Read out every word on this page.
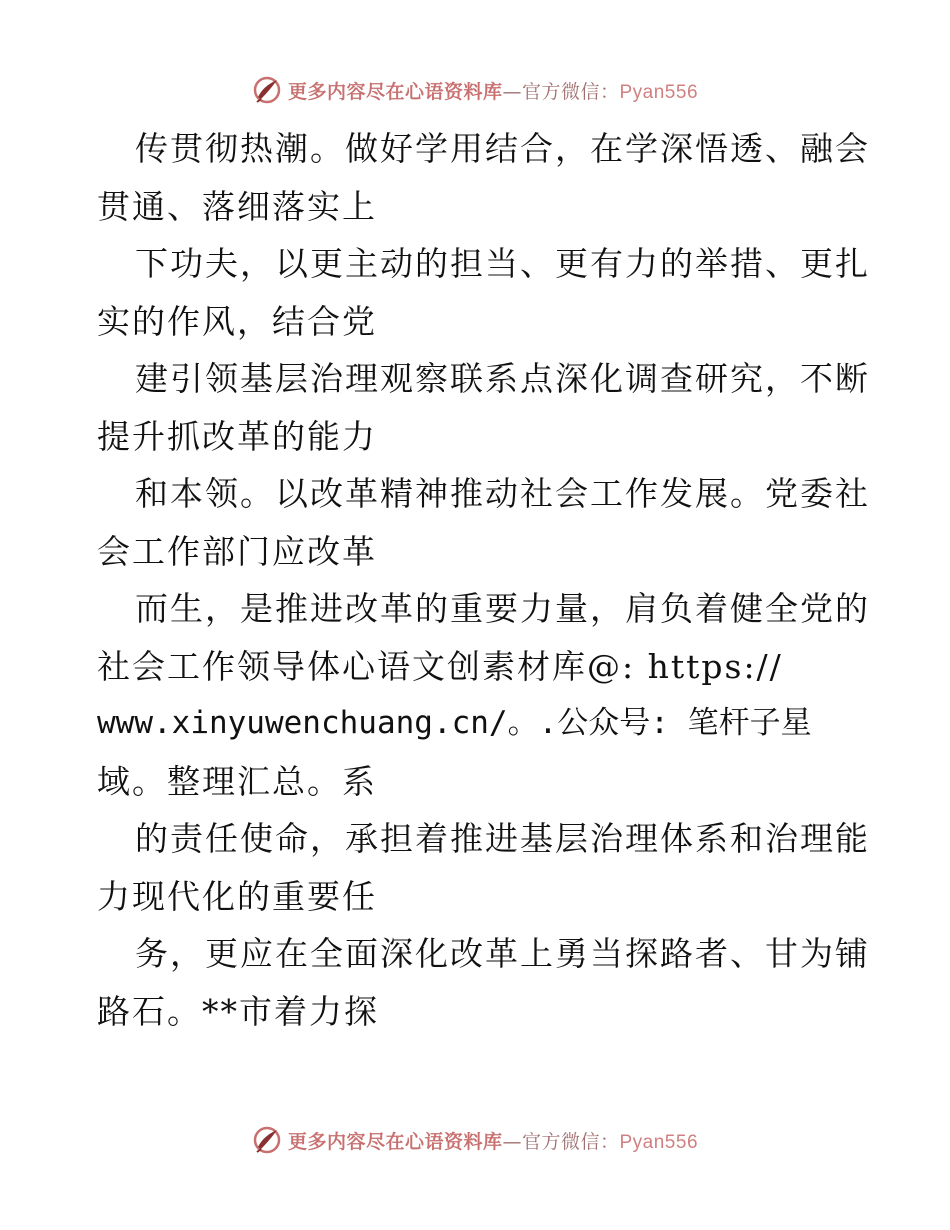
更多内容尽在心语资料库—官方微信：Pyan556
传贯彻热潮。做好学用结合，在学深悟透、融会
贯通、落细落实上
下功夫，以更主动的担当、更有力的举措、更扎
实的作风，结合党
建引领基层治理观察联系点深化调查研究，不断
提升抓改革的能力
和本领。以改革精神推动社会工作发展。党委社
会工作部门应改革
而生，是推进改革的重要力量，肩负着健全党的
社会工作领导体心语文创素材库@: https://
www.xinyuwenchuang.cn/。.公众号: 笔杆子星
域。整理汇总。系
的责任使命，承担着推进基层治理体系和治理能
力现代化的重要任
务，更应在全面深化改革上勇当探路者、甘为铺
路石。**市着力探
更多内容尽在心语资料库—官方微信：Pyan556
